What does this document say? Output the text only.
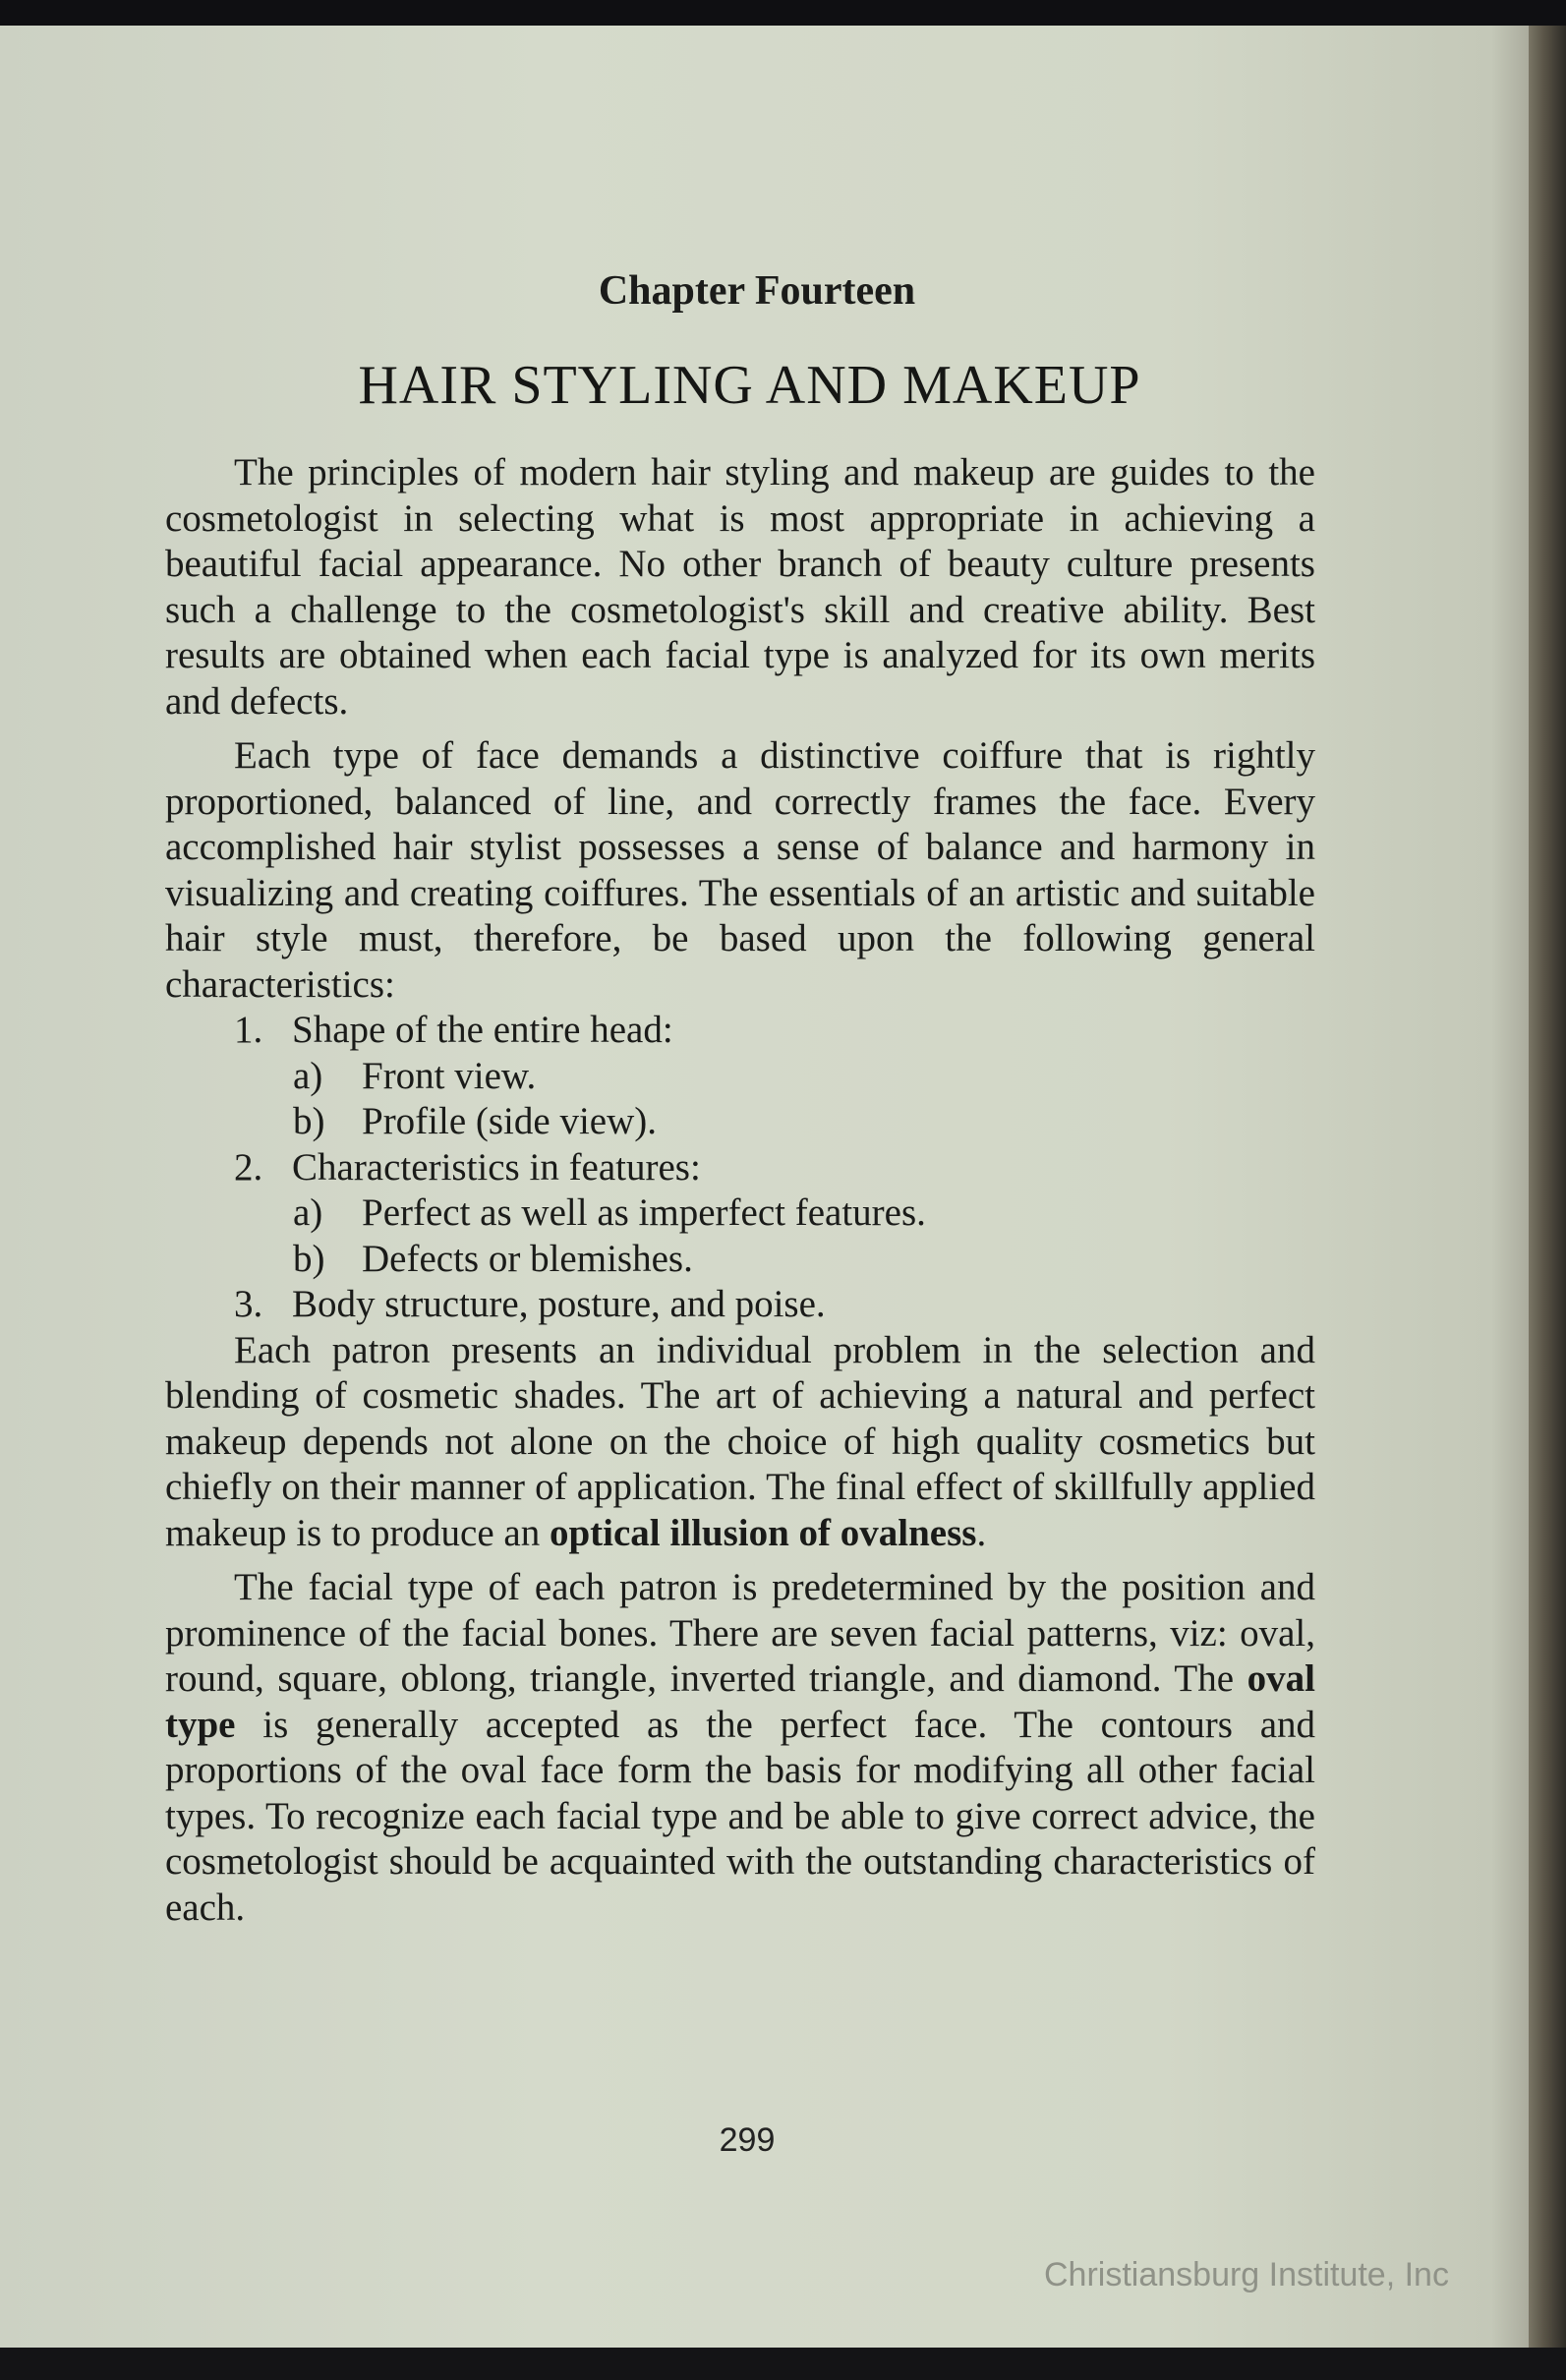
Chapter Fourteen
HAIR STYLING AND MAKEUP

The principles of modern hair styling and makeup are guides to the cosmetologist in selecting what is most appropriate in achieving a beautiful facial appearance. No other branch of beauty culture presents such a challenge to the cosmetologist's skill and creative ability. Best results are obtained when each facial type is analyzed for its own merits and defects.

Each type of face demands a distinctive coiffure that is rightly proportioned, balanced of line, and correctly frames the face. Every accomplished hair stylist possesses a sense of balance and harmony in visualizing and creating coiffures. The essentials of an artistic and suitable hair style must, therefore, be based upon the following general characteristics:

1. Shape of the entire head:
a) Front view.
b) Profile (side view).
2. Characteristics in features:
a) Perfect as well as imperfect features.
b) Defects or blemishes.
3. Body structure, posture, and poise.

Each patron presents an individual problem in the selection and blending of cosmetic shades. The art of achieving a natural and perfect makeup depends not alone on the choice of high quality cosmetics but chiefly on their manner of application. The final effect of skillfully applied makeup is to produce an optical illusion of ovalness.

The facial type of each patron is predetermined by the position and prominence of the facial bones. There are seven facial patterns, viz: oval, round, square, oblong, triangle, inverted triangle, and diamond. The oval type is generally accepted as the perfect face. The contours and proportions of the oval face form the basis for modifying all other facial types. To recognize each facial type and be able to give correct advice, the cosmetologist should be acquainted with the outstanding characteristics of each.

299
Christiansburg Institute, Inc
